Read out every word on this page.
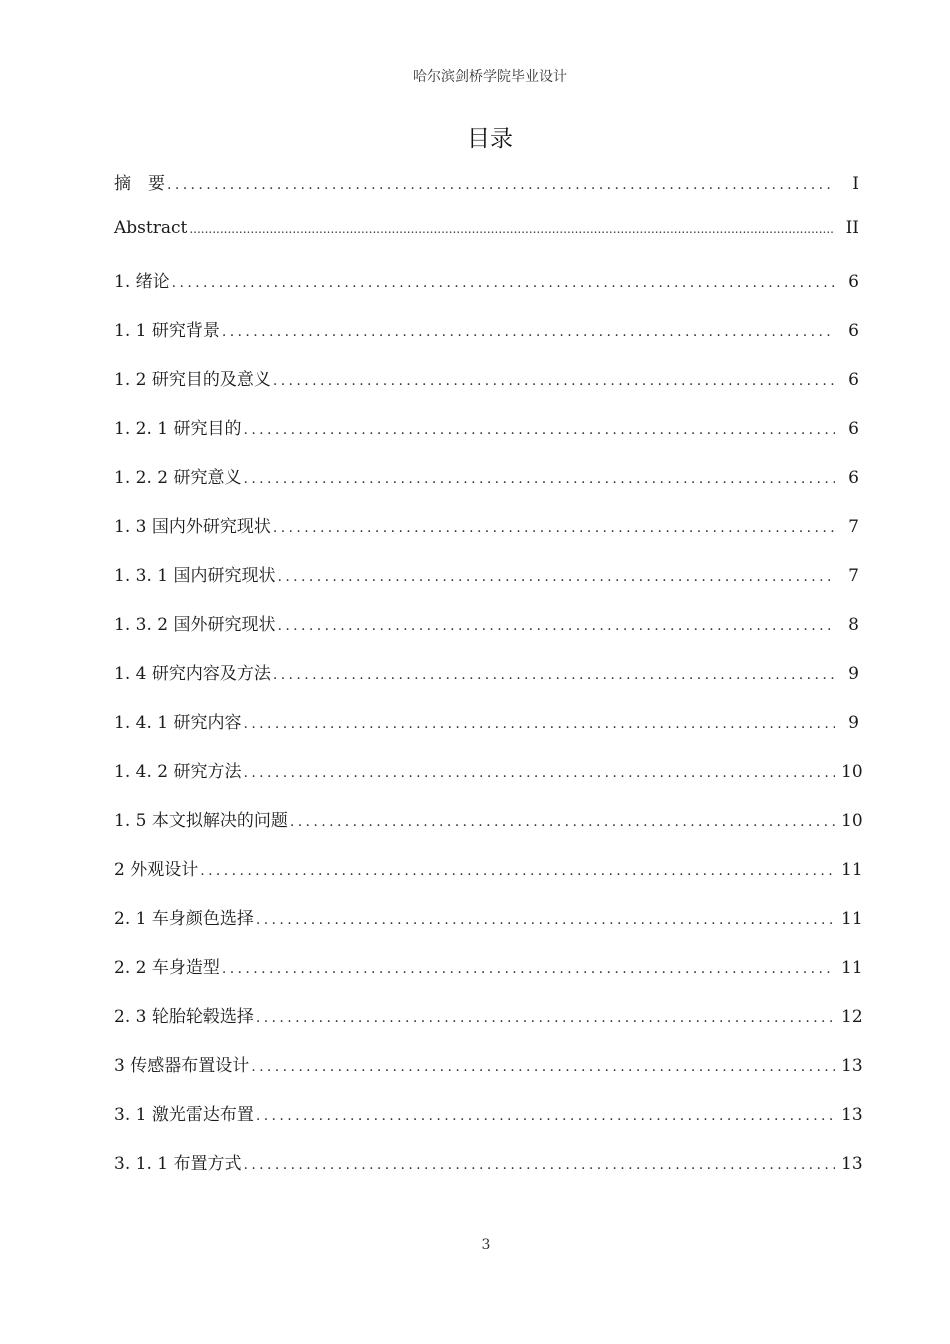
哈尔滨剑桥学院毕业设计
目录
摘　要 .....	I
Abstract .....	II
1. 绪论 .....	6
1. 1 研究背景 .....	6
1. 2 研究目的及意义 .....	6
1. 2. 1 研究目的 .....	6
1. 2. 2 研究意义 .....	6
1. 3 国内外研究现状 .....	7
1. 3. 1 国内研究现状 .....	7
1. 3. 2 国外研究现状 .....	8
1. 4 研究内容及方法 .....	9
1. 4. 1 研究内容 .....	9
1. 4. 2 研究方法 .....	10
1. 5 本文拟解决的问题 .....	10
2 外观设计 .....	11
2. 1 车身颜色选择 .....	11
2. 2 车身造型 .....	11
2. 3 轮胎轮毂选择 .....	12
3 传感器布置设计 .....	13
3. 1 激光雷达布置 .....	13
3. 1. 1 布置方式 .....	13
3
